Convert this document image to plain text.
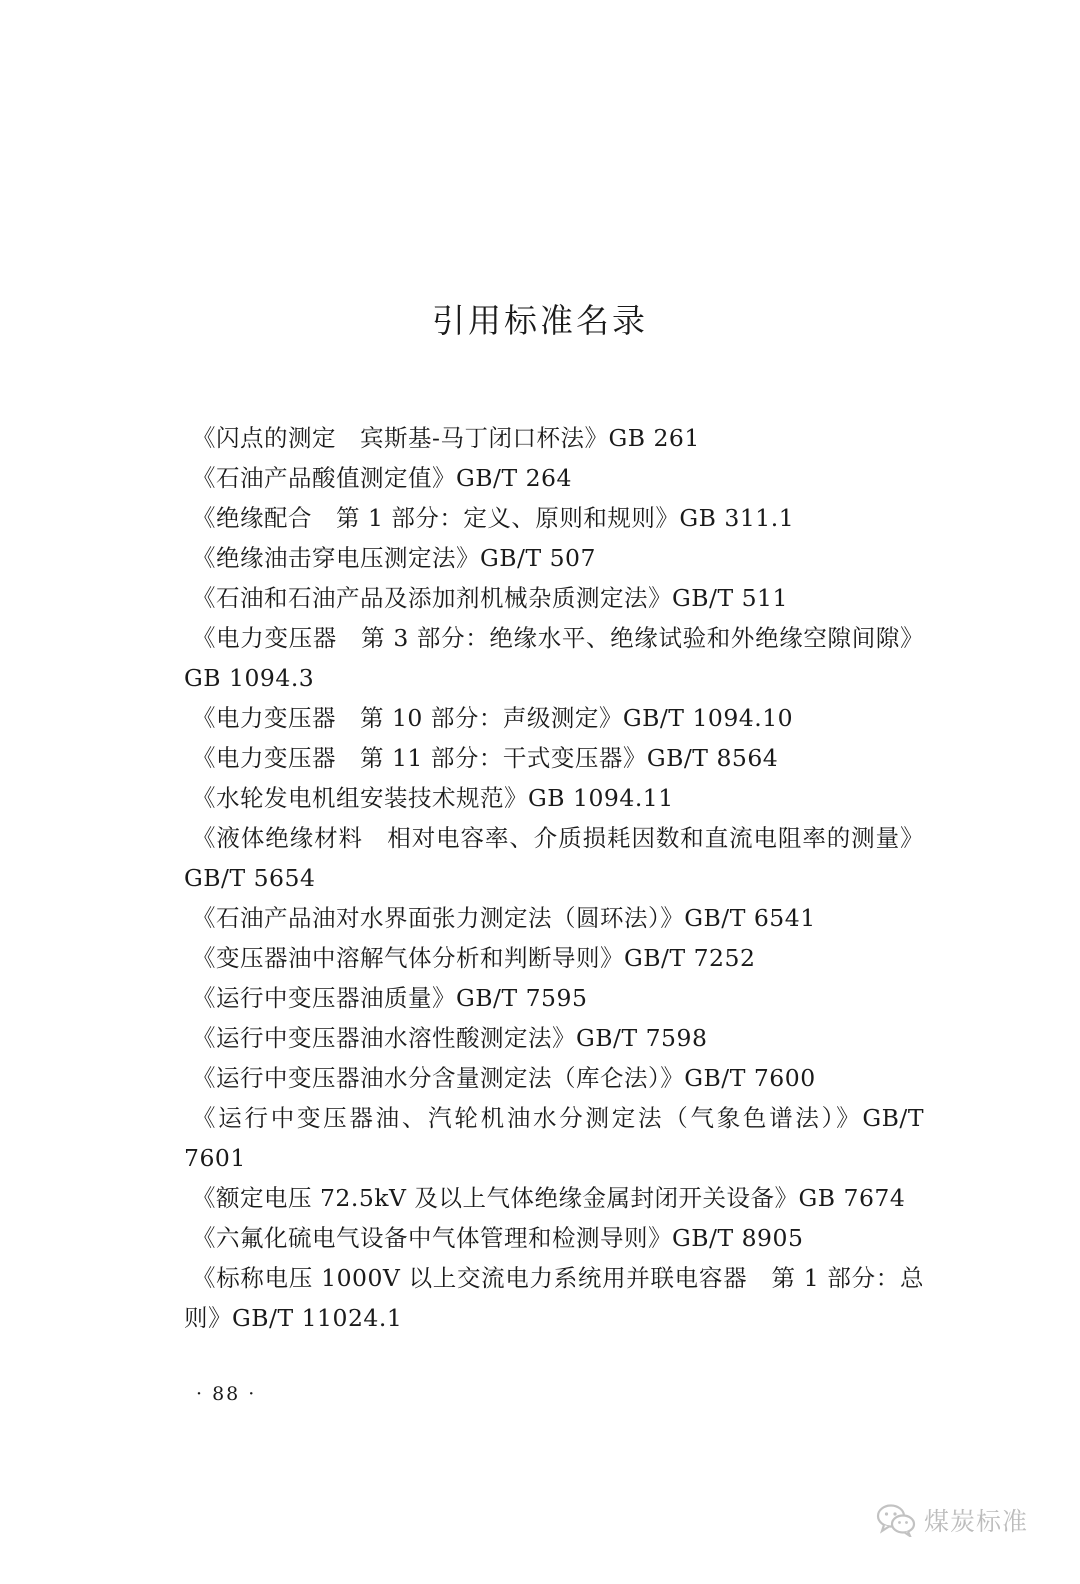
引用标准名录
《闪点的测定　宾斯基-马丁闭口杯法》GB 261
《石油产品酸值测定值》GB/T 264
《绝缘配合　第 1 部分：定义、原则和规则》GB 311.1
《绝缘油击穿电压测定法》GB/T 507
《石油和石油产品及添加剂机械杂质测定法》GB/T 511
《电力变压器　第 3 部分：绝缘水平、绝缘试验和外绝缘空隙间隙》GB 1094.3
《电力变压器　第 10 部分：声级测定》GB/T 1094.10
《电力变压器　第 11 部分：干式变压器》GB/T 8564
《水轮发电机组安装技术规范》GB 1094.11
《液体绝缘材料　相对电容率、介质损耗因数和直流电阻率的测量》GB/T 5654
《石油产品油对水界面张力测定法（圆环法）》GB/T 6541
《变压器油中溶解气体分析和判断导则》GB/T 7252
《运行中变压器油质量》GB/T 7595
《运行中变压器油水溶性酸测定法》GB/T 7598
《运行中变压器油水分含量测定法（库仑法）》GB/T 7600
《运行中变压器油、汽轮机油水分测定法（气象色谱法）》GB/T 7601
《额定电压 72.5kV 及以上气体绝缘金属封闭开关设备》GB 7674
《六氟化硫电气设备中气体管理和检测导则》GB/T 8905
《标称电压 1000V 以上交流电力系统用并联电容器　第 1 部分：总则》GB/T 11024.1
· 88 ·
煤炭标准
